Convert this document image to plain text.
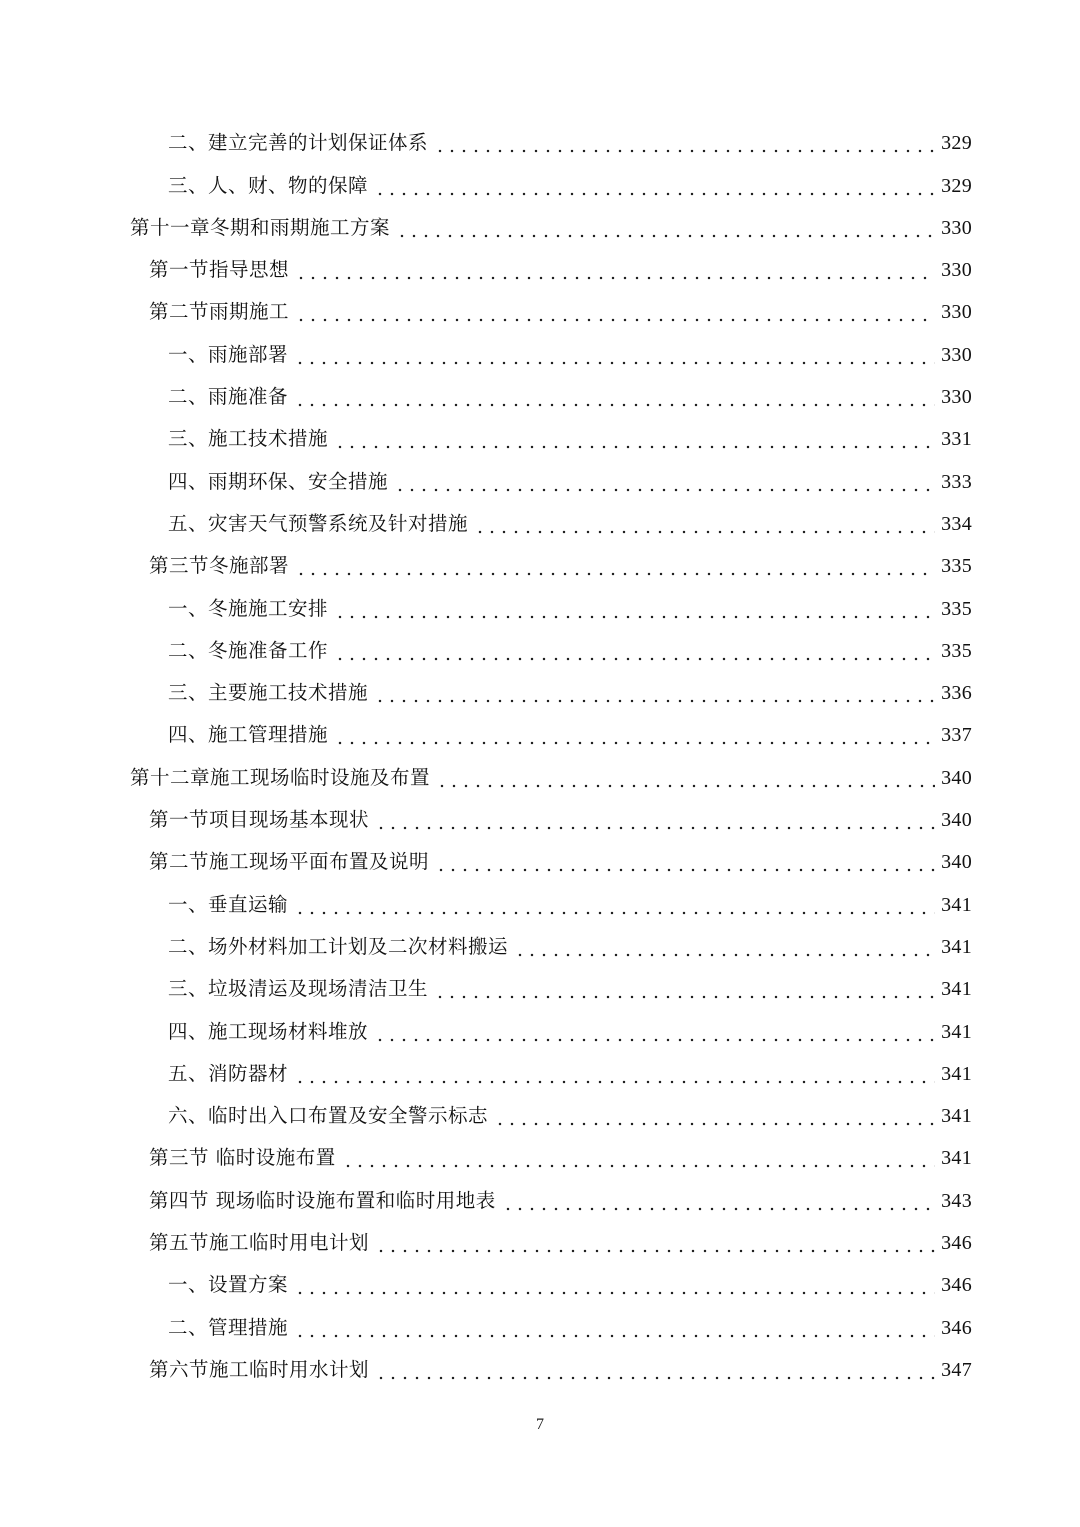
二、建立完善的计划保证体系	329
三、人、财、物的保障	329
第十一章冬期和雨期施工方案	330
第一节指导思想	330
第二节雨期施工	330
一、雨施部署	330
二、雨施准备	330
三、施工技术措施	331
四、雨期环保、安全措施	333
五、灾害天气预警系统及针对措施	334
第三节冬施部署	335
一、冬施施工安排	335
二、冬施准备工作	335
三、主要施工技术措施	336
四、施工管理措施	337
第十二章施工现场临时设施及布置	340
第一节项目现场基本现状	340
第二节施工现场平面布置及说明	340
一、垂直运输	341
二、场外材料加工计划及二次材料搬运	341
三、垃圾清运及现场清洁卫生	341
四、施工现场材料堆放	341
五、消防器材	341
六、临时出入口布置及安全警示标志	341
第三节 临时设施布置	341
第四节 现场临时设施布置和临时用地表	343
第五节施工临时用电计划	346
一、设置方案	346
二、管理措施	346
第六节施工临时用水计划	347
7
